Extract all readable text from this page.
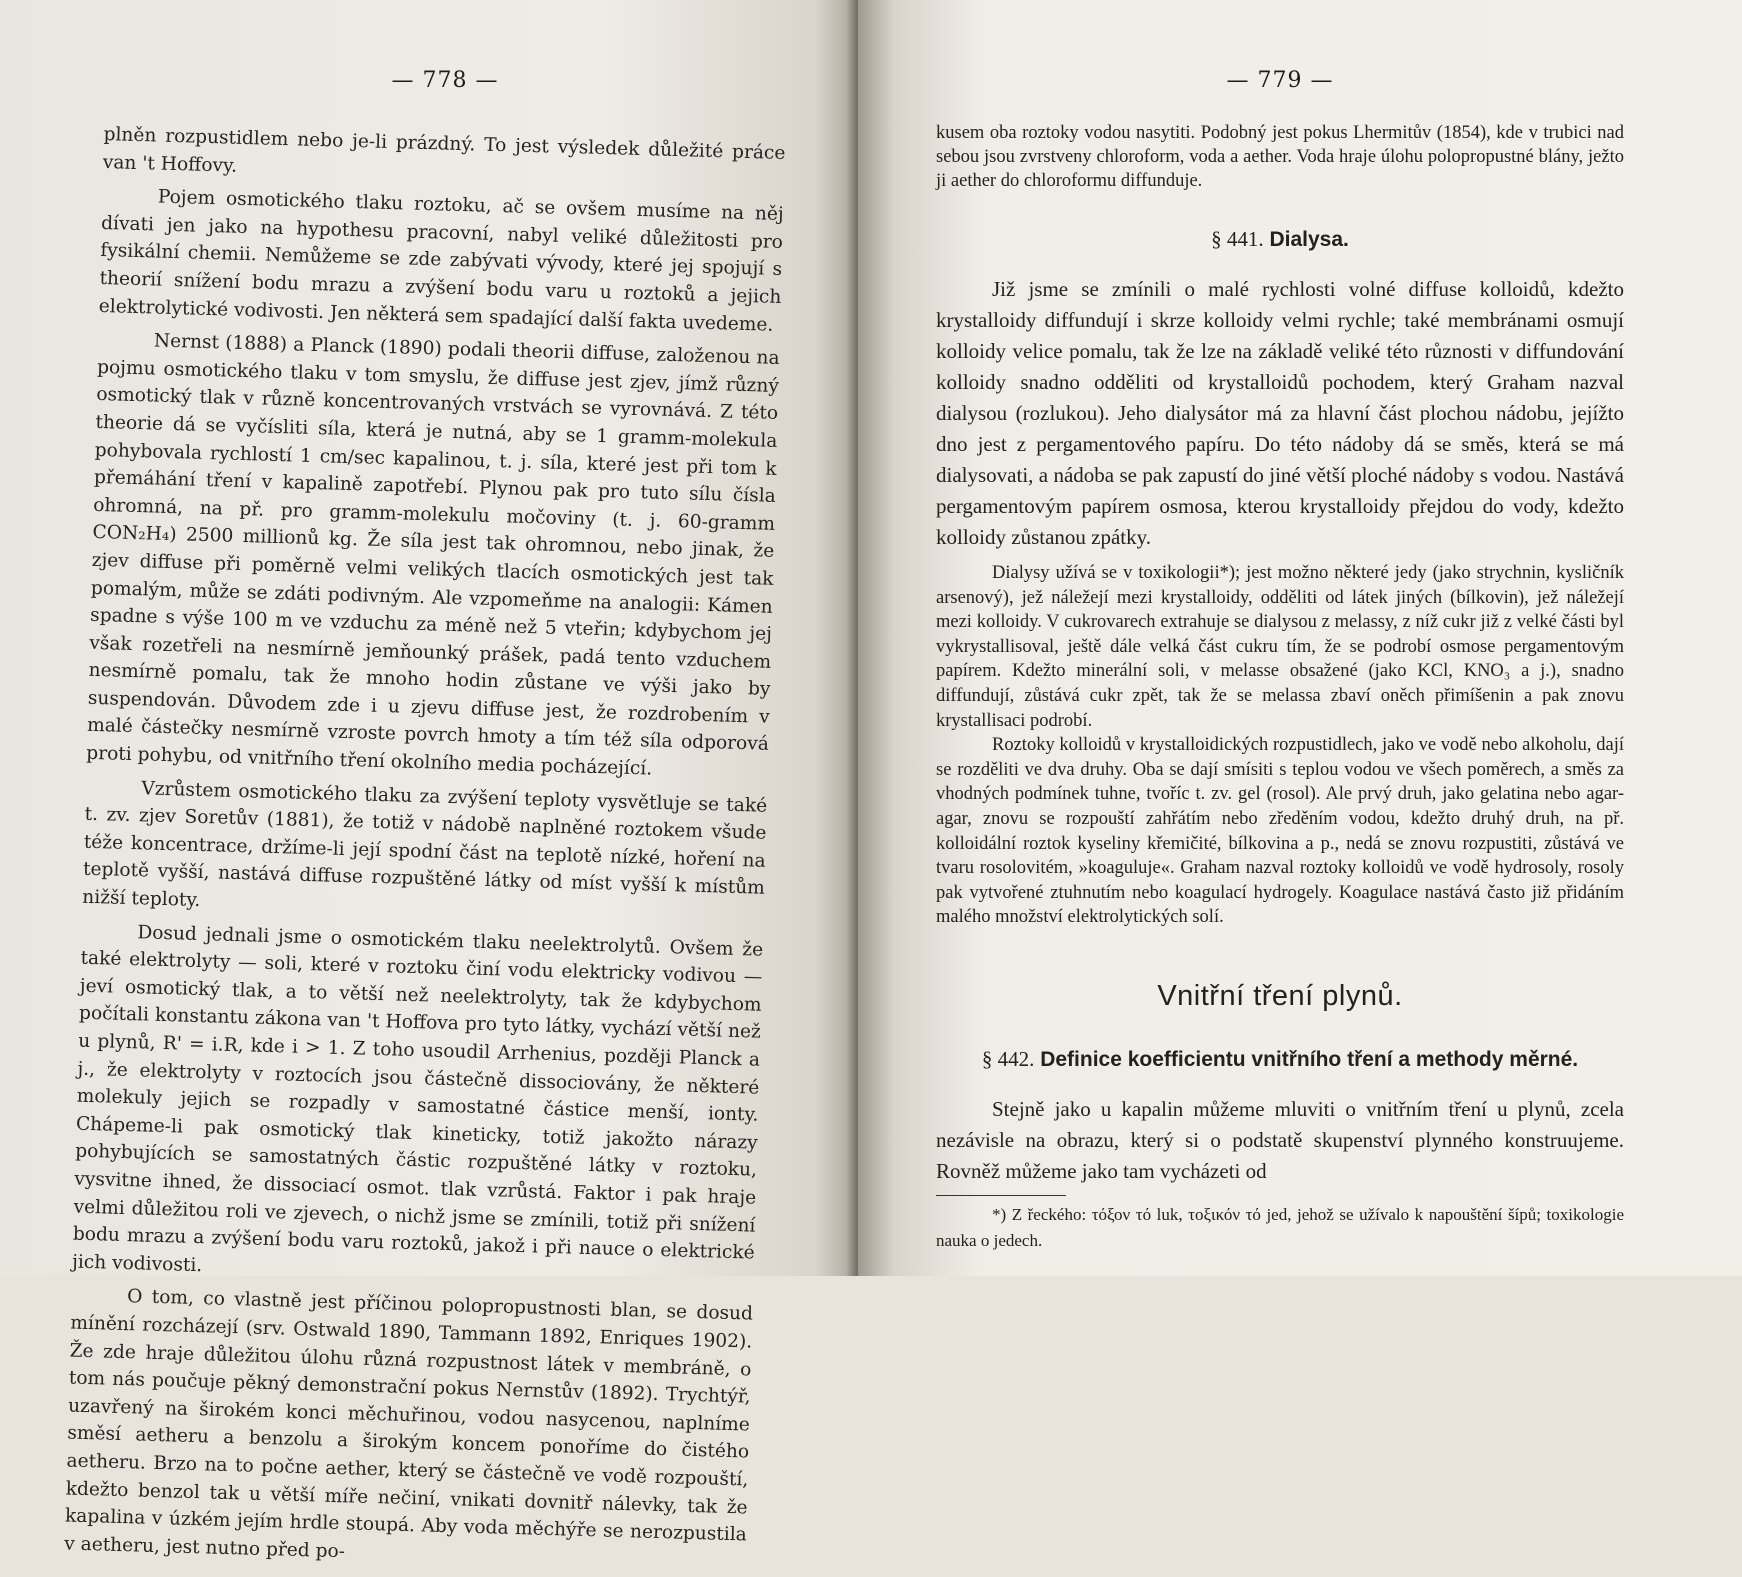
— 778 —

plněn rozpustidlem nebo je-li prázdný. To jest výsledek důležité práce van 't Hoffovy.

Pojem osmotického tlaku roztoku, ač se ovšem musíme na něj dívati jen jako na hypothesu pracovní, nabyl veliké důležitosti pro fysikální chemii. Nemůžeme se zde zabývati vývody, které jej spojují s theorií snížení bodu mrazu a zvýšení bodu varu u roztoků a jejich elektrolytické vodivosti. Jen některá sem spadající další fakta uvedeme.

Nernst (1888) a Planck (1890) podali theorii diffuse, založenou na pojmu osmotického tlaku v tom smyslu, že diffuse jest zjev, jímž různý osmotický tlak v různě koncentrovaných vrstvách se vyrovnává. Z této theorie dá se vyčísliti síla, která je nutná, aby se 1 gramm-molekula pohybovala rychlostí 1 cm/sec kapalinou, t. j. síla, které jest při tom k přemáhání tření v kapalině zapotřebí. Plynou pak pro tuto sílu čísla ohromná, na př. pro gramm-molekulu močoviny (t. j. 60-gramm CON₂H₄) 2500 millionů kg. Že síla jest tak ohromnou, nebo jinak, že zjev diffuse při poměrně velmi velikých tlacích osmotických jest tak pomalým, může se zdáti podivným. Ale vzpomeňme na analogii: Kámen spadne s výše 100 m ve vzduchu za méně než 5 vteřin; kdybychom jej však rozetřeli na nesmírně jemňounký prášek, padá tento vzduchem nesmírně pomalu, tak že mnoho hodin zůstane ve výši jako by suspendován. Důvodem zde i u zjevu diffuse jest, že rozdrobením v malé částečky nesmírně vzroste povrch hmoty a tím též síla odporová proti pohybu, od vnitřního tření okolního media pocházející.

Vzrůstem osmotického tlaku za zvýšení teploty vysvětluje se také t. zv. zjev Soretův (1881), že totiž v nádobě naplněné roztokem všude téže koncentrace, držíme-li její spodní část na teplotě nízké, hoření na teplotě vyšší, nastává diffuse rozpuštěné látky od míst vyšší k místům nižší teploty.

Dosud jednali jsme o osmotickém tlaku neelektrolytů. Ovšem že také elektrolyty — soli, které v roztoku činí vodu elektricky vodivou — jeví osmotický tlak, a to větší než neelektrolyty, tak že kdybychom počítali konstantu zákona van 't Hoffova pro tyto látky, vychází větší než u plynů, R' = i.R, kde i > 1. Z toho usoudil Arrhenius, později Planck a j., že elektrolyty v roztocích jsou částečně dissociovány, že některé molekuly jejich se rozpadly v samostatné částice menší, ionty. Chápeme-li pak osmotický tlak kineticky, totiž jakožto nárazy pohybujících se samostatných částic rozpuštěné látky v roztoku, vysvitne ihned, že dissociací osmot. tlak vzrůstá. Faktor i pak hraje velmi důležitou roli ve zjevech, o nichž jsme se zmínili, totiž při snížení bodu mrazu a zvýšení bodu varu roztoků, jakož i při nauce o elektrické jich vodivosti.

O tom, co vlastně jest příčinou polopropustnosti blan, se dosud mínění rozcházejí (srv. Ostwald 1890, Tammann 1892, Enriques 1902). Že zde hraje důležitou úlohu různá rozpustnost látek v membráně, o tom nás poučuje pěkný demonstrační pokus Nernstův (1892). Trychtýř, uzavřený na širokém konci měchuřinou, vodou nasycenou, naplníme směsí aetheru a benzolu a širokým koncem ponoříme do čistého aetheru. Brzo na to počne aether, který se částečně ve vodě rozpouští, kdežto benzol tak u větší míře nečiní, vnikati dovnitř nálevky, tak že kapalina v úzkém jejím hrdle stoupá. Aby voda měchýře se nerozpustila v aetheru, jest nutno před po-

— 779 —

kusem oba roztoky vodou nasytiti. Podobný jest pokus Lhermitův (1854), kde v trubici nad sebou jsou zvrstveny chloroform, voda a aether. Voda hraje úlohu polopropustné blány, ježto ji aether do chloroformu diffunduje.

§ 441. Dialysa.

Již jsme se zmínili o malé rychlosti volné diffuse kolloidů, kdežto krystalloidy diffundují i skrze kolloidy velmi rychle; také membránami osmují kolloidy velice pomalu, tak že lze na základě veliké této různosti v diffundování kolloidy snadno odděliti od krystalloidů pochodem, který Graham nazval dialysou (rozlukou). Jeho dialysátor má za hlavní část plochou nádobu, jejížto dno jest z pergamentového papíru. Do této nádoby dá se směs, která se má dialysovati, a nádoba se pak zapustí do jiné větší ploché nádoby s vodou. Nastává pergamentovým papírem osmosa, kterou krystalloidy přejdou do vody, kdežto kolloidy zůstanou zpátky.

Dialysy užívá se v toxikologii*); jest možno některé jedy (jako strychnin, kysličník arsenový), jež náležejí mezi krystalloidy, odděliti od látek jiných (bílkovin), jež náležejí mezi kolloidy. V cukrovarech extrahuje se dialysou z melassy, z níž cukr již z velké části byl vykrystallisoval, ještě dále velká část cukru tím, že se podrobí osmose pergamentovým papírem. Kdežto minerální soli, v melasse obsažené (jako KCl, KNO₃ a j.), snadno diffundují, zůstává cukr zpět, tak že se melassa zbaví oněch přimíšenin a pak znovu krystallisaci podrobí.

Roztoky kolloidů v krystalloidických rozpustidlech, jako ve vodě nebo alkoholu, dají se rozděliti ve dva druhy. Oba se dají smísiti s teplou vodou ve všech poměrech, a směs za vhodných podmínek tuhne, tvoříc t. zv. gel (rosol). Ale prvý druh, jako gelatina nebo agar-agar, znovu se rozpouští zahřátím nebo zředěním vodou, kdežto druhý druh, na př. kolloidální roztok kyseliny křemičité, bílkovina a p., nedá se znovu rozpustiti, zůstává ve tvaru rosolovitém, »koaguluje«. Graham nazval roztoky kolloidů ve vodě hydrosoly, rosoly pak vytvořené ztuhnutím nebo koagulací hydrogely. Koagulace nastává často již přidáním malého množství elektrolytických solí.

Vnitřní tření plynů.
§ 442. Definice koefficientu vnitřního tření a methody měrné.

Stejně jako u kapalin můžeme mluviti o vnitřním tření u plynů, zcela nezávisle na obrazu, který si o podstatě skupenství plynného konstruujeme. Rovněž můžeme jako tam vycházeti od

*) Z řeckého: τόξον τό luk, τοξικόν τό jed, jehož se užívalo k napouštění šípů; toxikologie nauka o jedech.
